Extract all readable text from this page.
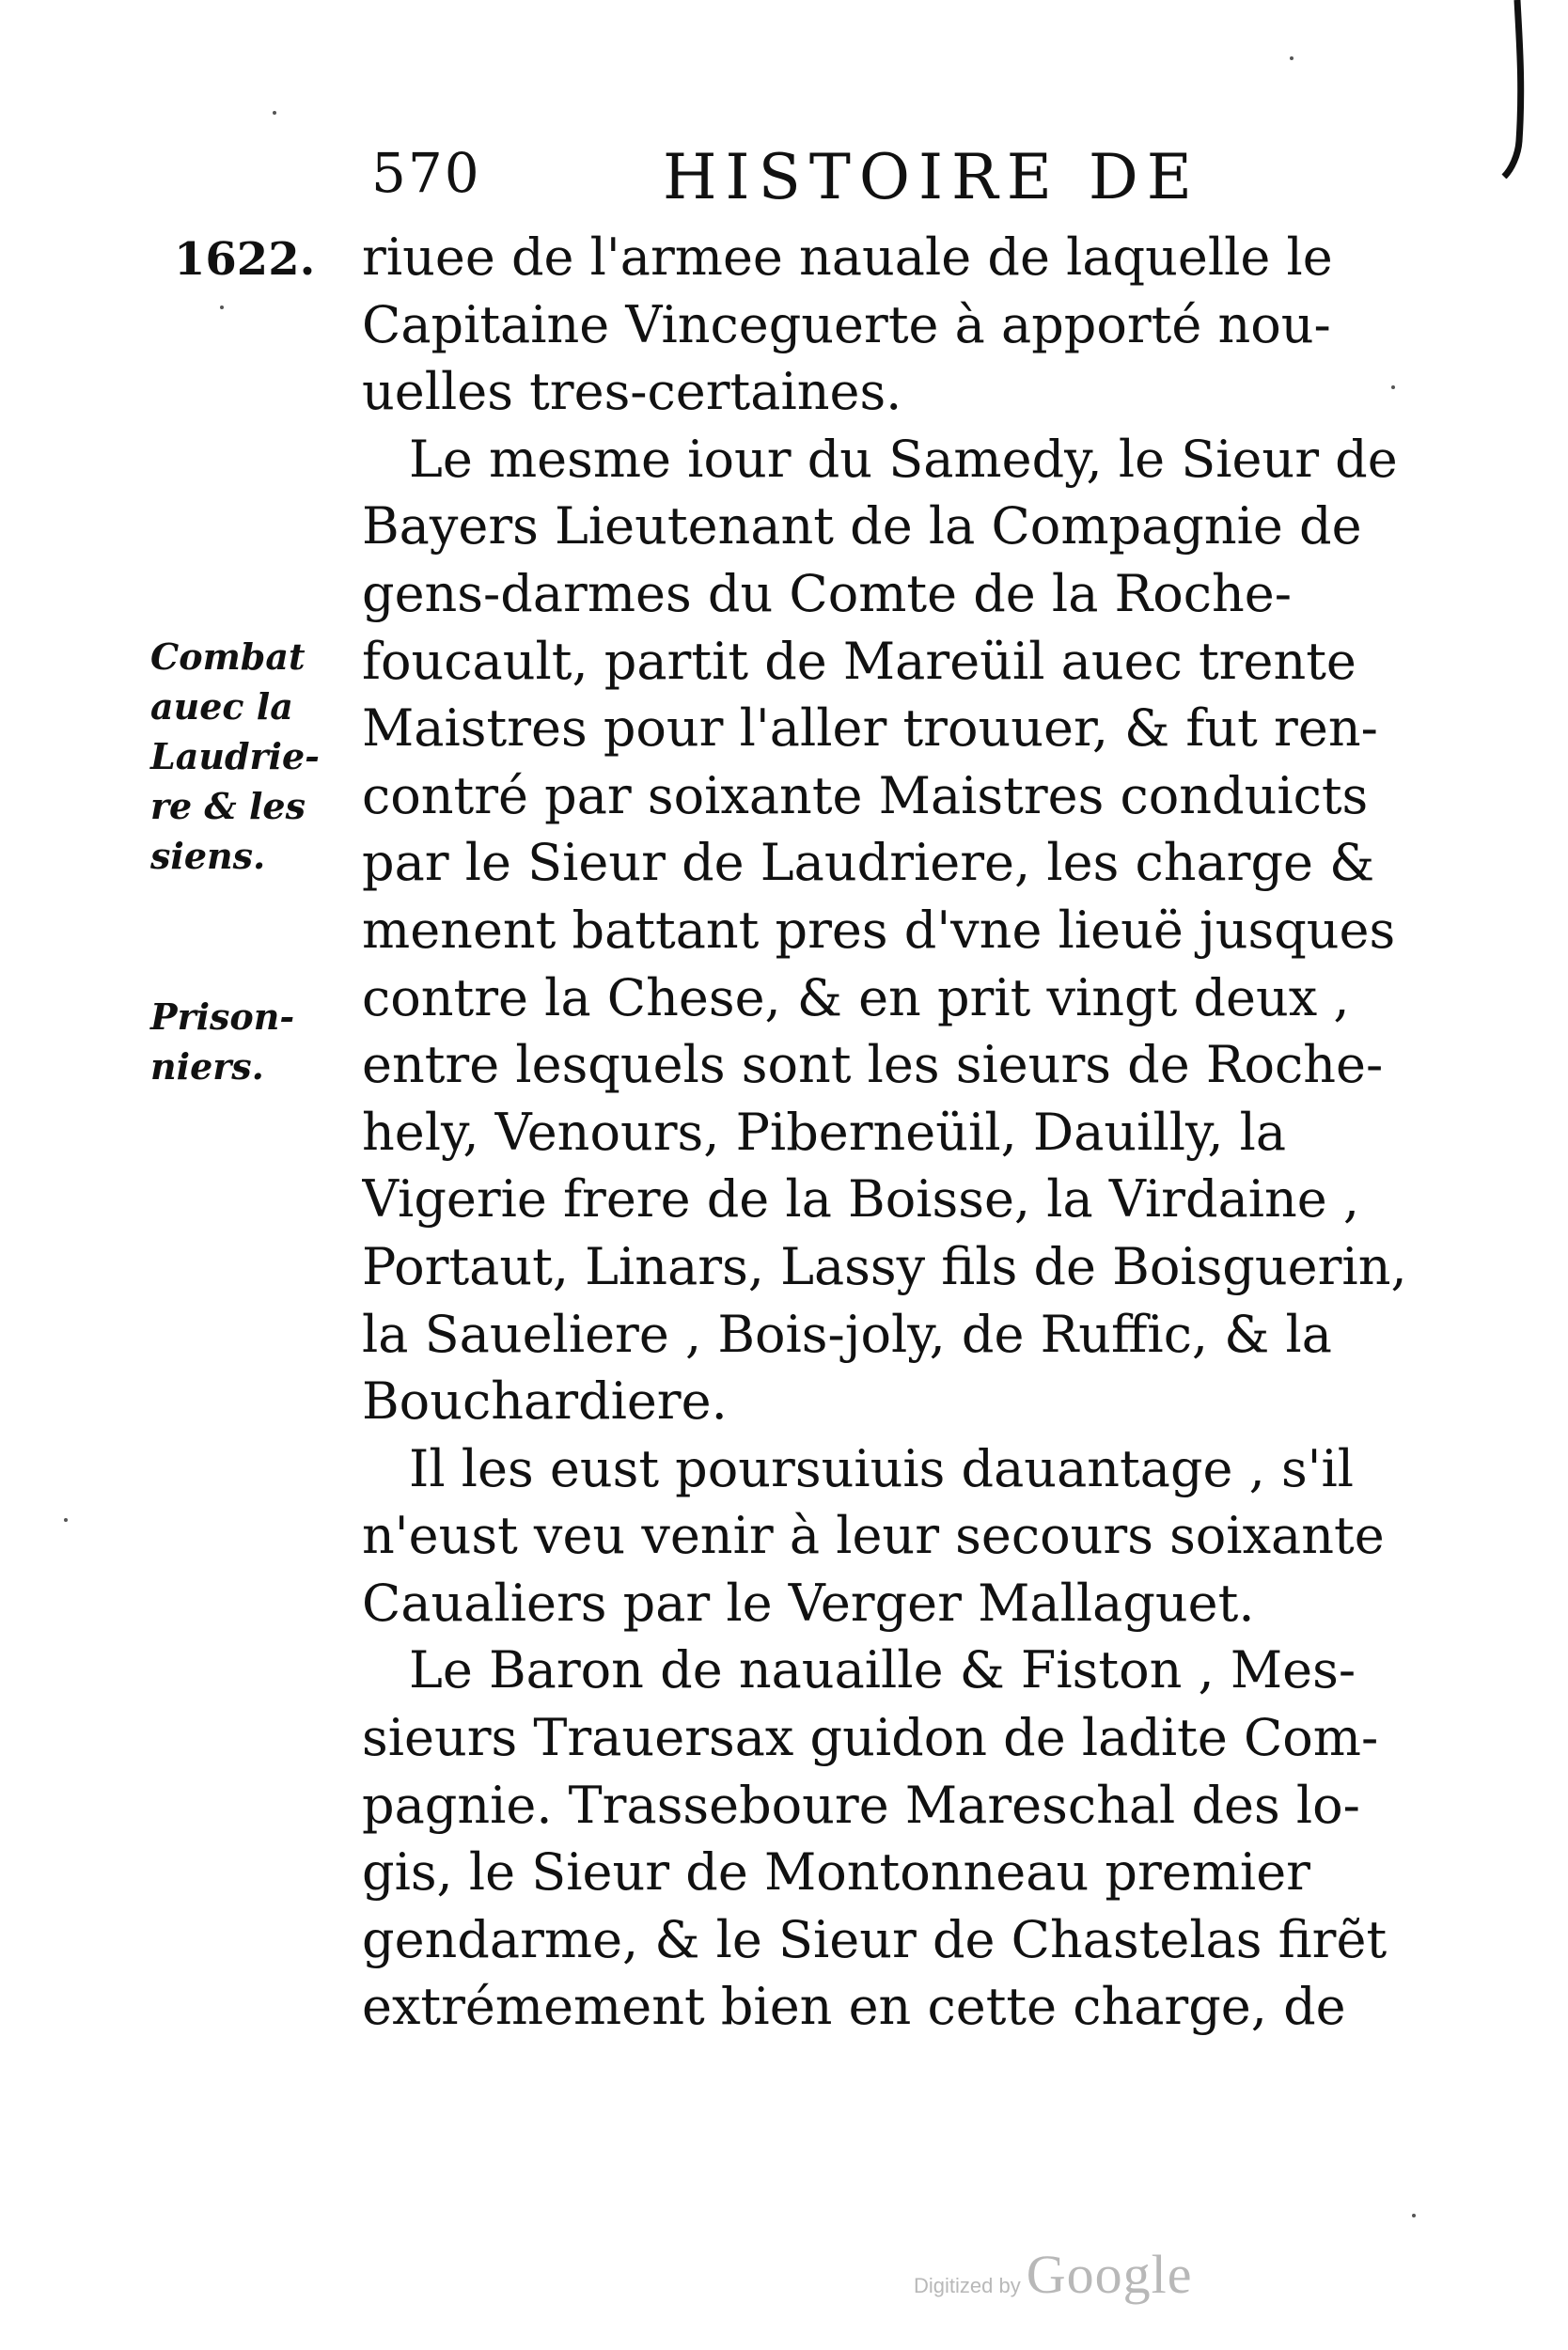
570	HISTOIRE DE
1622. riuee de l'armee nauale de laquelle le
Capitaine Vinceguerte à apporté nou-
uelles tres-certaines.
Le mesme iour du Samedy, le Sieur de
Bayers Lieutenant de la Compagnie de
gens-darmes du Comte de la Roche-
foucault, partit de Mareüil auec trente
Maistres pour l'aller trouuer, & fut ren-
contré par soixante Maistres conduicts
par le Sieur de Laudriere, les charge &
menent battant pres d'vne lieuë jusques
contre la Chese, & en prit vingt deux ,
entre lesquels sont les sieurs de Roche-
hely, Venours, Piberneüil, Dauilly, la
Vigerie frere de la Boisse, la Virdaine ,
Portaut, Linars, Lassy fils de Boisguerin,
la Saueliere , Bois-joly, de Ruffic, & la
Bouchardiere.
Il les eust poursuiuis dauantage , s'il
n'eust veu venir à leur secours soixante
Caualiers par le Verger Mallaguet.
Le Baron de nauaille & Fiston , Mes-
sieurs Trauersax guidon de ladite Com-
pagnie. Trasseboure Mareschal des lo-
gis, le Sieur de Montonneau premier
gendarme, & le Sieur de Chastelas firẽt
extrémement bien en cette charge, de
Combat
auec la
Laudrie-
re & les
siens.
Prison-
niers.
Digitized by Google
